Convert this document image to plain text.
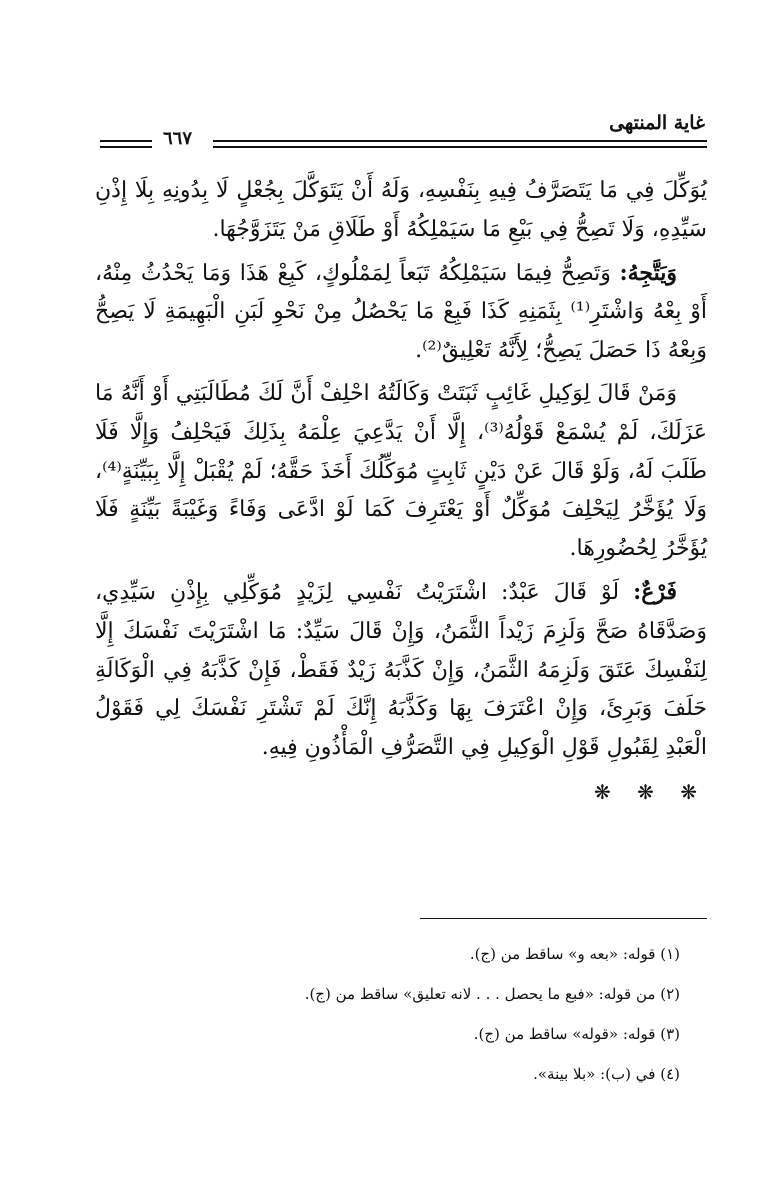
غاية المنتهى
٦٦٧

يُوَكِّلَ فِي مَا يَتَصَرَّفُ فِيهِ بِنَفْسِهِ، وَلَهُ أَنْ يَتَوَكَّلَ بِجُعْلٍ لَا بِدُونِهِ بِلَا إِذْنِ سَيِّدِهِ، وَلَا تَصِحُّ فِي بَيْعِ مَا سَيَمْلِكُهُ أَوْ طَلَاقِ مَنْ يَتَزَوَّجُهَا.

وَيَتَّجِهُ: وَتَصِحُّ فِيمَا سَيَمْلِكُهُ تَبَعاً لِمَمْلُوكٍ، كَبِعْ هَذَا وَمَا يَحْدُثُ مِنْهُ، أَوْ بِعْهُ وَاشْتَرِ⁽¹⁾ بِثَمَنِهِ كَذَا فَبِعْ مَا يَحْصُلُ مِنْ نَحْوِ لَبَنِ الْبَهِيمَةِ لَا يَصِحُّ وَبِعْهُ ذَا حَصَلَ يَصِحُّ؛ لِأَنَّهُ تَعْلِيقٌ⁽²⁾.

وَمَنْ قَالَ لِوَكِيلِ غَائِبٍ ثَبَتَتْ وَكَالَتُهُ احْلِفْ أَنَّ لَكَ مُطَالَبَتِي أَوْ أَنَّهُ مَا عَزَلَكَ، لَمْ يُسْمَعْ قَوْلُهُ⁽³⁾، إِلَّا أَنْ يَدَّعِيَ عِلْمَهُ بِذَلِكَ فَيَحْلِفُ وَإِلَّا فَلَا طَلَبَ لَهُ، وَلَوْ قَالَ عَنْ دَيْنٍ ثَابِتٍ مُوَكِّلُكَ أَخَذَ حَقَّهُ؛ لَمْ يُقْبَلْ إِلَّا بِبَيِّنَةٍ⁽⁴⁾، وَلَا يُؤَخَّرُ لِيَحْلِفَ مُوَكِّلٌ أَوْ يَعْتَرِفَ كَمَا لَوْ ادَّعَى وَفَاءً وَغَيْبَةً بَيِّنَةٍ فَلَا يُؤَخَّرُ لِحُضُورِهَا.

فَرْعٌ: لَوْ قَالَ عَبْدٌ: اشْتَرَيْتُ نَفْسِي لِزَيْدٍ مُوَكِّلِي بِإِذْنِ سَيِّدِي، وَصَدَّقَاهُ صَحَّ وَلَزِمَ زَيْداً الثَّمَنُ، وَإِنْ قَالَ سَيِّدٌ: مَا اشْتَرَيْتَ نَفْسَكَ إِلَّا لِنَفْسِكَ عَتَقَ وَلَزِمَهُ الثَّمَنُ، وَإِنْ كَذَّبَهُ زَيْدٌ فَقَطْ، فَإِنْ كَذَّبَهُ فِي الْوَكَالَةِ حَلَفَ وَبَرِئَ، وَإِنْ اعْتَرَفَ بِهَا وَكَذَّبَهُ إِنَّكَ لَمْ تَشْتَرِ نَفْسَكَ لِي فَقَوْلُ الْعَبْدِ لِقَبُولِ قَوْلِ الْوَكِيلِ فِي التَّصَرُّفِ الْمَأْذُونِ فِيهِ.

❋ ❋ ❋

(١) قوله: «بعه و» ساقط من (ج).

(٢) من قوله: «فبع ما يحصل . . . لانه تعليق» ساقط من (ج).

(٣) قوله: «قوله» ساقط من (ج).

(٤) في (ب): «بلا بينة».
